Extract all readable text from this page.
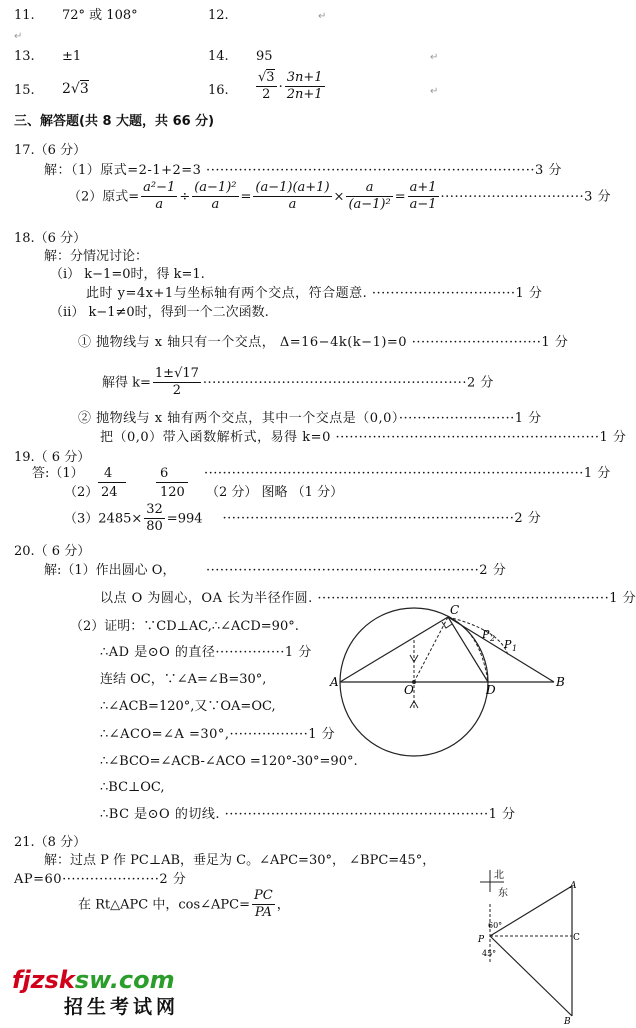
11. 72° 或 108°	12.	↵
↵
13. ±1	14. 95	↵
15. 2√3	16. $\frac{√3}{2} \cdot \frac{3n+1}{2n+1}$	↵
三、解答题(共 8 大题，共 66 分)
17.（6 分）
解：（1）原式=2-1+2=3 ·······································································3 分
（2）原式= $\frac{\text{a²−1}}{a} \div \frac{\text{(a−1)²}}{a} = \frac{(a-1)(a+1)}{a} \times \frac{a}{\text{(a−1)²}} = \frac{a+1}{a-1} \cdot\cdot\cdot\cdot\cdot\cdot\cdot\cdot\cdot\cdot\cdot\cdot\cdot\cdot\cdot\cdot\cdot\cdot\cdot\cdot\cdot\cdot\cdot\cdot\cdot\cdot\cdot\cdot\cdot\cdot\cdot 3$ 分
18.（6 分）
解：分情况讨论：
（ⅰ） k−1=0时，得 k=1.
此时 y=4x+1与坐标轴有两个交点，符合题意. ·······························1 分
（ⅱ） k−1≠0时，得到一个二次函数.
① 抛物线与 x 轴只有一个交点， Δ=16−4k(k−1)=0 ····························1 分
解得 $k= \frac{1\pm√17}{2} \cdot\cdot\cdot\cdot\cdot\cdot\cdot\cdot\cdot\cdot\cdot\cdot\cdot\cdot\cdot\cdot\cdot\cdot\cdot\cdot\cdot\cdot\cdot\cdot\cdot\cdot\cdot\cdot\cdot\cdot\cdot\cdot\cdot\cdot\cdot\cdot\cdot\cdot\cdot\cdot\cdot\cdot\cdot\cdot\cdot\cdot\cdot\cdot\cdot\cdot\cdot\cdot\cdot\cdot\cdot\cdot\cdot 2$ 分
② 抛物线与 x 轴有两个交点，其中一个交点是（0,0）·························1 分
把（0,0）带入函数解析式，易得 k=0 ·························································1 分
19.（ 6 分）
答:（1） 4	6	··················································································1 分
（2） 24	120 （2 分） 图略 （1 分）
$(3)2485\times \frac{32}{80} =994 \cdot\cdot\cdot\cdot\cdot\cdot\cdot\cdot\cdot\cdot\cdot\cdot\cdot\cdot\cdot\cdot\cdot\cdot\cdot\cdot\cdot\cdot\cdot\cdot\cdot\cdot\cdot\cdot\cdot\cdot\cdot\cdot\cdot\cdot\cdot\cdot\cdot\cdot\cdot\cdot\cdot\cdot\cdot\cdot\cdot\cdot\cdot\cdot\cdot\cdot\cdot\cdot\cdot\cdot\cdot\cdot\cdot\cdot\cdot\cdot\cdot\cdot\cdot 2$ 分
20.（ 6 分）
解:（1）作出圆心 O， ···························································2 分
以点 O 为圆心，OA 长为半径作圆. ·······························································1 分
（2）证明：∵CD⊥AC,∴∠ACD=90°.
∴AD 是⊙O 的直径···············1 分
连结 OC，∵∠A=∠B=30°,
∴∠ACB=120°,又∵OA=OC,
∴∠ACO=∠A =30°,·················1 分
∴∠BCO=∠ACB-∠ACO =120°-30°=90°.
∴BC⊥OC,
∴BC 是⊙O 的切线. ·························································1 分
A	B
C
D
O
P 2 P 1
21.（8 分）
解：过点 P 作 PC⊥AB，垂足为 C。∠APC=30°， ∠BPC=45°，
AP=60·····················2 分
在 Rt△APC 中，cos∠APC= $\frac{PC}{PA}$ ，
北
东
60°
45°
A
C
B
P
fjzsksw.com
招生考试网
